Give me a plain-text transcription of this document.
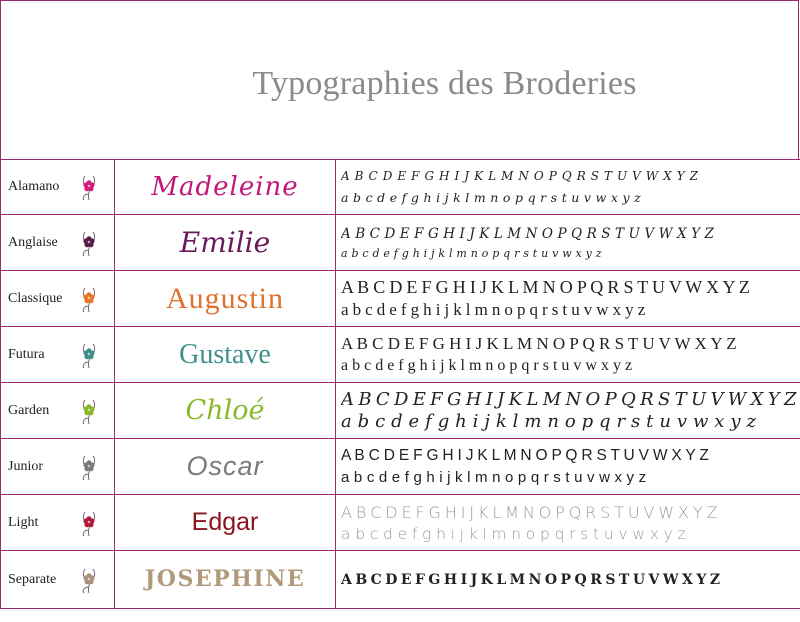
Typographies des Broderies
Alamano	Madeleine	A B C D E F G H I J K L M N O P Q R S T U V W X Y Z
a b c d e f g h i j k l m n o p q r s t u v w x y z

Anglaise	Emilie	A B C D E F G H I J K L M N O P Q R S T U V W X Y Z
a b c d e f g h i j k l m n o p q r s t u v w x y z

Classique	Augustin	A B C D E F G H I J K L M N O P Q R S T U V W X Y Z
a b c d e f g h i j k l m n o p q r s t u v w x y z

Futura	Gustave	A B C D E F G H I J K L M N O P Q R S T U V W X Y Z
a b c d e f g h i j k l m n o p q r s t u v w x y z

Garden	Chloé	A B C D E F G H I J K L M N O P Q R S T U V W X Y Z
a b c d e f g h i j k l m n o p q r s t u v w x y z

Junior	Oscar	A B C D E F G H I J K L M N O P Q R S T U V W X Y Z
a b c d e f g h i j k l m n o p q r s t u v w x y z

Light	Edgar	A B C D E F G H I J K L M N O P Q R S T U V W X Y Z
a b c d e f g h i j k l m n o p q r s t u v w x y z

Separate	JOSEPHINE	A B C D E F G H I J K L M N O P Q R S T U V W X Y Z
